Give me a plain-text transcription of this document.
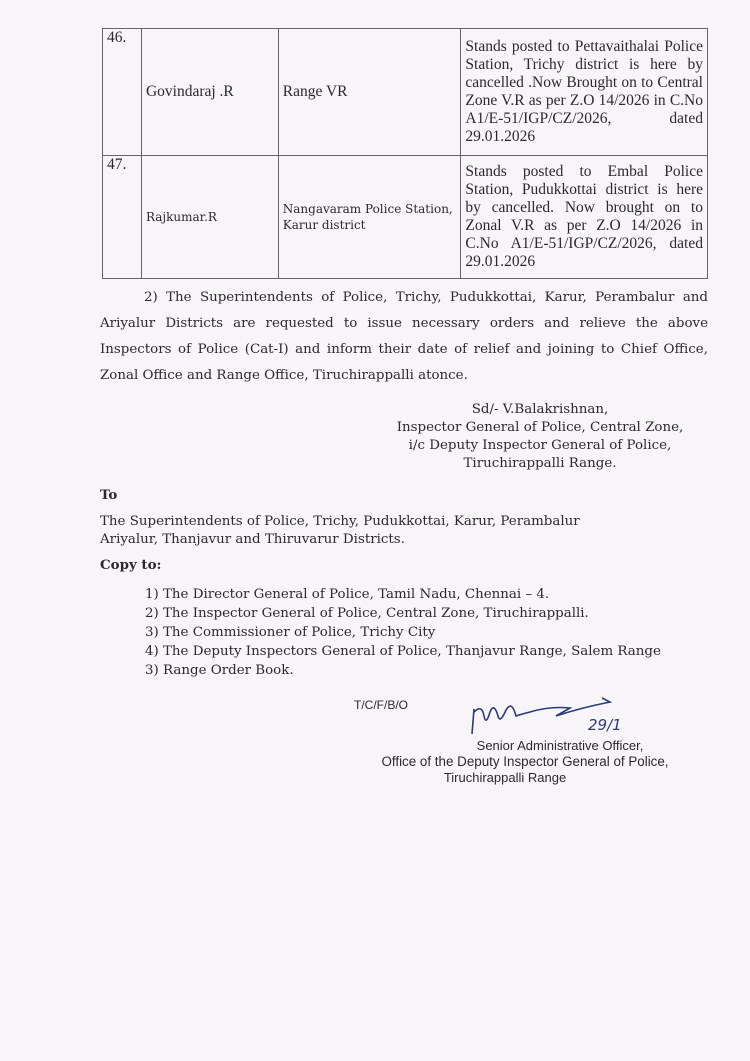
46.	Govindaraj .R	Range VR	Stands posted to Pettavaithalai Police Station, Trichy district is here by cancelled .Now Brought on to Central Zone V.R as per Z.O 14/2026 in C.No A1/E-51/IGP/CZ/2026, dated 29.01.2026
47.	Rajkumar.R	Nangavaram Police Station, Karur district	Stands posted to Embal Police Station, Pudukkottai district is here by cancelled. Now brought on to Zonal V.R as per Z.O 14/2026 in C.No A1/E-51/IGP/CZ/2026, dated 29.01.2026
2) The Superintendents of Police, Trichy, Pudukkottai, Karur, Perambalur and Ariyalur Districts are requested to issue necessary orders and relieve the above Inspectors of Police (Cat-I) and inform their date of relief and joining to Chief Office, Zonal Office and Range Office, Tiruchirappalli atonce.
Sd/- V.Balakrishnan,
Inspector General of Police, Central Zone,
i/c Deputy Inspector General of Police,
Tiruchirappalli Range.
To
The Superintendents of Police, Trichy, Pudukkottai, Karur, Perambalur Ariyalur, Thanjavur and Thiruvarur Districts.
Copy to:
1) The Director General of Police, Tamil Nadu, Chennai – 4.
2) The Inspector General of Police, Central Zone, Tiruchirappalli.
3) The Commissioner of Police, Trichy City
4) The Deputy Inspectors General of Police, Thanjavur Range, Salem Range
3) Range Order Book.
T/C/F/B/O
29/1
Senior Administrative Officer,
Office of the Deputy Inspector General of Police,
Tiruchirappalli Range
